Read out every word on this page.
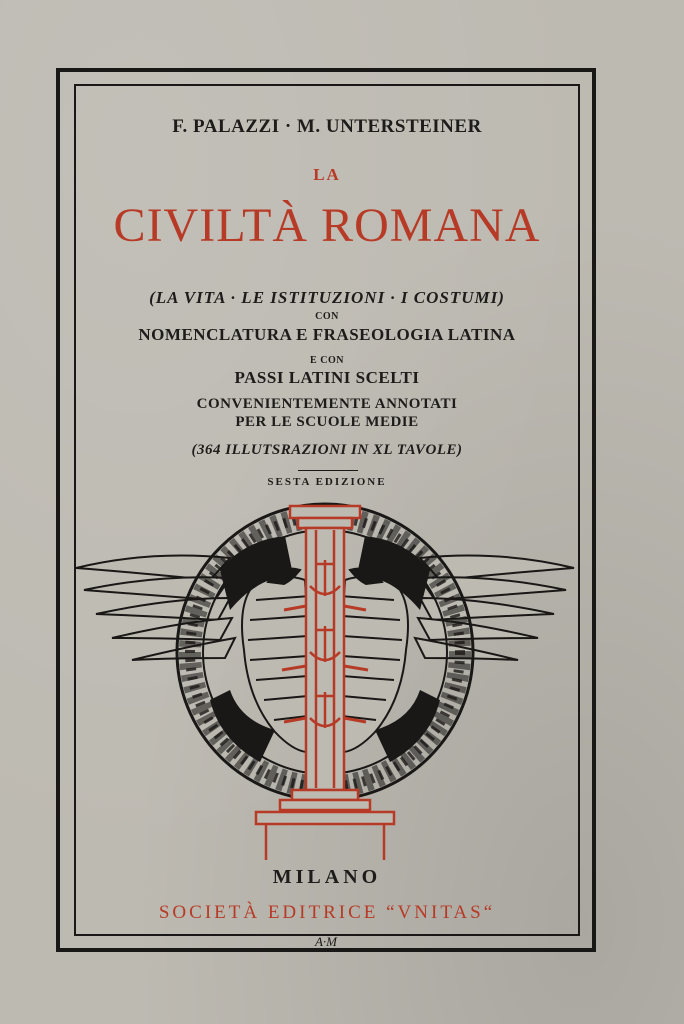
F. PALAZZI · M. UNTERSTEINER
LA
CIVILTÀ ROMANA
(LA VITA · LE ISTITUZIONI · I COSTUMI)
CON
NOMENCLATURA E FRASEOLOGIA LATINA
E CON
PASSI LATINI SCELTI
CONVENIENTEMENTE ANNOTATI
PER LE SCUOLE MEDIE
(364 ILLUTSRAZIONI IN XL TAVOLE)
SESTA EDIZIONE
MILANO
SOCIETÀ EDITRICE “VNITAS“
A·M
